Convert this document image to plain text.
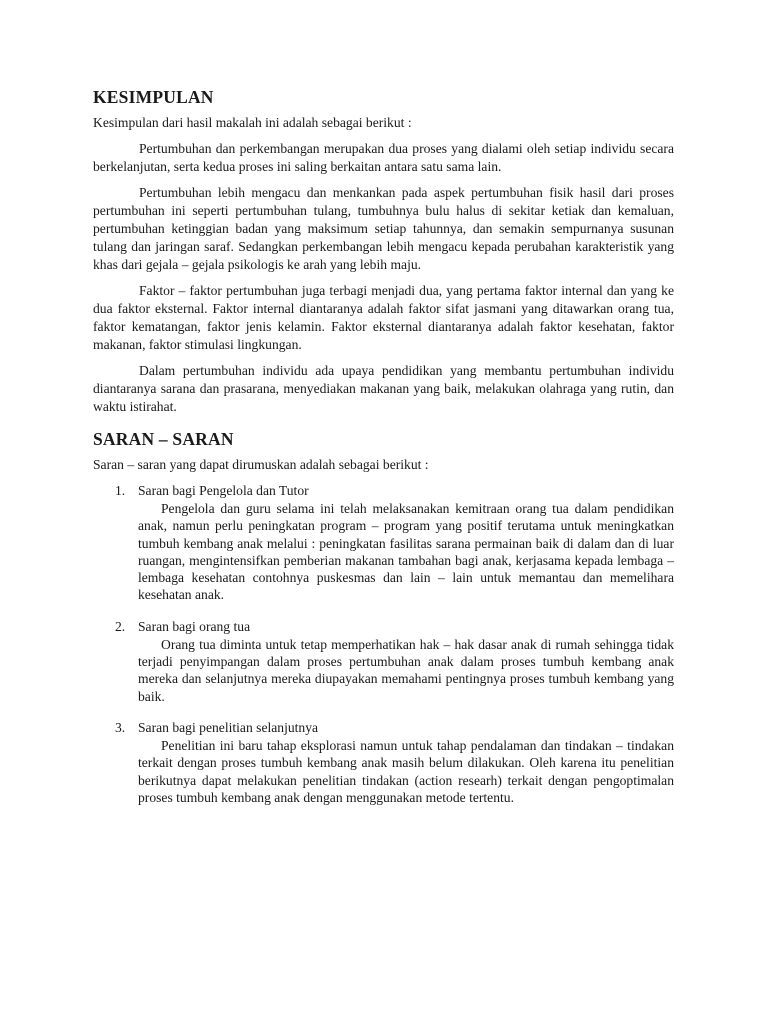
KESIMPULAN

Kesimpulan dari hasil makalah ini adalah sebagai berikut :

Pertumbuhan dan perkembangan merupakan dua proses yang dialami oleh setiap individu secara berkelanjutan, serta kedua proses ini saling berkaitan antara satu sama lain.

Pertumbuhan lebih mengacu dan menkankan pada aspek pertumbuhan fisik hasil dari proses pertumbuhan ini seperti pertumbuhan tulang, tumbuhnya bulu halus di sekitar ketiak dan kemaluan, pertumbuhan ketinggian badan yang maksimum setiap tahunnya, dan semakin sempurnanya susunan tulang dan jaringan saraf. Sedangkan perkembangan lebih mengacu kepada perubahan karakteristik yang khas dari gejala – gejala psikologis ke arah yang lebih maju.

Faktor – faktor pertumbuhan juga terbagi menjadi dua, yang pertama faktor internal dan yang ke dua faktor eksternal. Faktor internal diantaranya adalah faktor sifat jasmani yang ditawarkan orang tua, faktor kematangan, faktor jenis kelamin. Faktor eksternal diantaranya adalah faktor kesehatan, faktor makanan, faktor stimulasi lingkungan.

Dalam pertumbuhan individu ada upaya pendidikan yang membantu pertumbuhan individu diantaranya sarana dan prasarana, menyediakan makanan yang baik, melakukan olahraga yang rutin, dan waktu istirahat.

SARAN – SARAN

Saran – saran yang dapat dirumuskan adalah sebagai berikut :

1. Saran bagi Pengelola dan Tutor

Pengelola dan guru selama ini telah melaksanakan kemitraan orang tua dalam pendidikan anak, namun perlu peningkatan program – program yang positif terutama untuk meningkatkan tumbuh kembang anak melalui : peningkatan fasilitas sarana permainan baik di dalam dan di luar ruangan, mengintensifkan pemberian makanan tambahan bagi anak, kerjasama kepada lembaga – lembaga kesehatan contohnya puskesmas dan lain – lain untuk memantau dan memelihara kesehatan anak.

2. Saran bagi orang tua

Orang tua diminta untuk tetap memperhatikan hak – hak dasar anak di rumah sehingga tidak terjadi penyimpangan dalam proses pertumbuhan anak dalam proses tumbuh kembang anak mereka dan selanjutnya mereka diupayakan memahami pentingnya proses tumbuh kembang yang baik.

3. Saran bagi penelitian selanjutnya

Penelitian ini baru tahap eksplorasi namun untuk tahap pendalaman dan tindakan – tindakan terkait dengan proses tumbuh kembang anak masih belum dilakukan. Oleh karena itu penelitian berikutnya dapat melakukan penelitian tindakan (action researh) terkait dengan pengoptimalan proses tumbuh kembang anak dengan menggunakan metode tertentu.
